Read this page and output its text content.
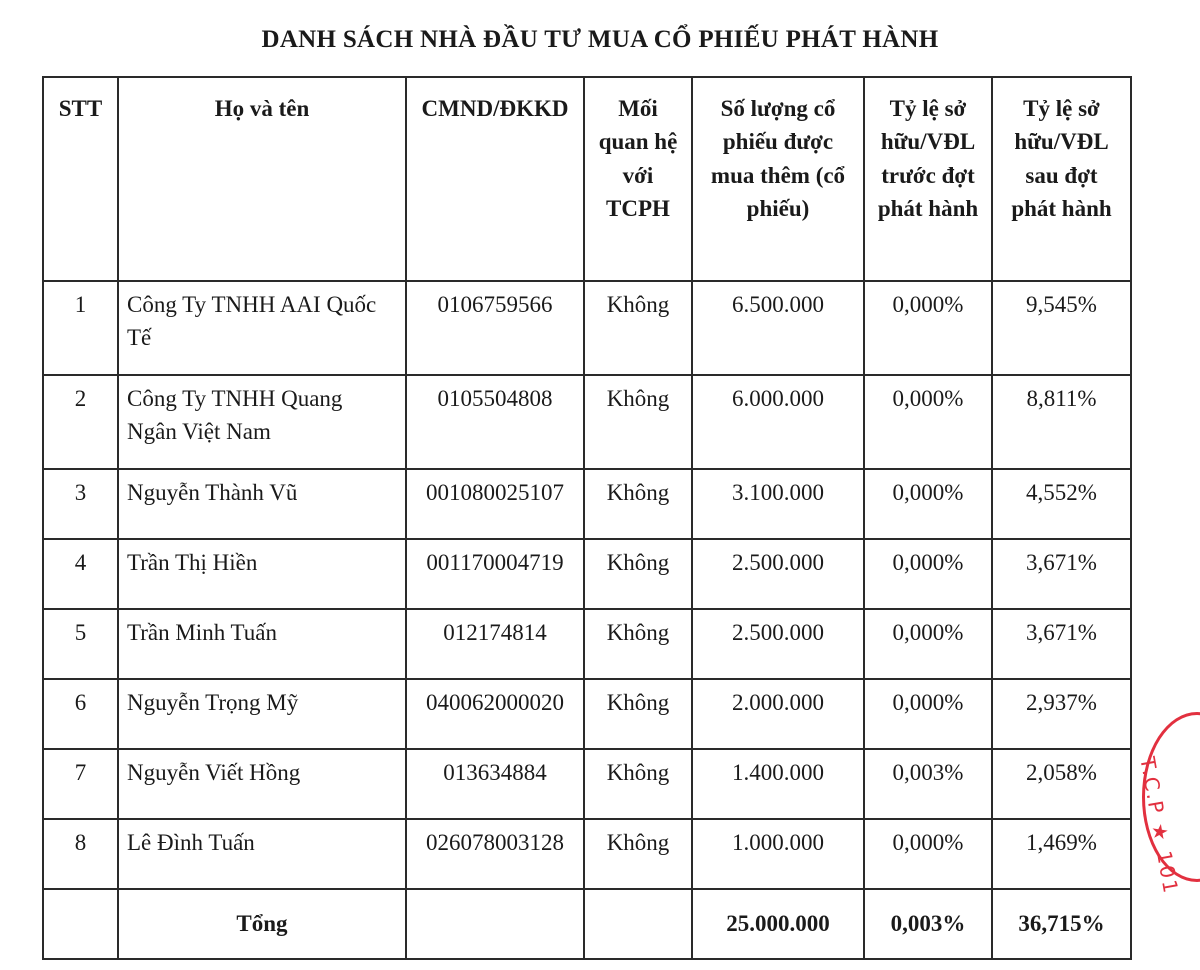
DANH SÁCH NHÀ ĐẦU TƯ MUA CỔ PHIẾU PHÁT HÀNH
STT	Họ và tên	CMND/ĐKKD	Mối quan hệ với TCPH	Số lượng cổ phiếu được mua thêm (cổ phiếu)	Tỷ lệ sở hữu/VĐL trước đợt phát hành	Tỷ lệ sở hữu/VĐL sau đợt phát hành
1	Công Ty TNHH AAI Quốc Tế	0106759566	Không	6.500.000	0,000%	9,545%
2	Công Ty TNHH Quang Ngân Việt Nam	0105504808	Không	6.000.000	0,000%	8,811%
3	Nguyễn Thành Vũ	001080025107	Không	3.100.000	0,000%	4,552%
4	Trần Thị Hiền	001170004719	Không	2.500.000	0,000%	3,671%
5	Trần Minh Tuấn	012174814	Không	2.500.000	0,000%	3,671%
6	Nguyễn Trọng Mỹ	040062000020	Không	2.000.000	0,000%	2,937%
7	Nguyễn Viết Hồng	013634884	Không	1.400.000	0,003%	2,058%
8	Lê Đình Tuấn	026078003128	Không	1.000.000	0,000%	1,469%
	Tổng			25.000.000	0,003%	36,715%
T.C.P ★ 101
